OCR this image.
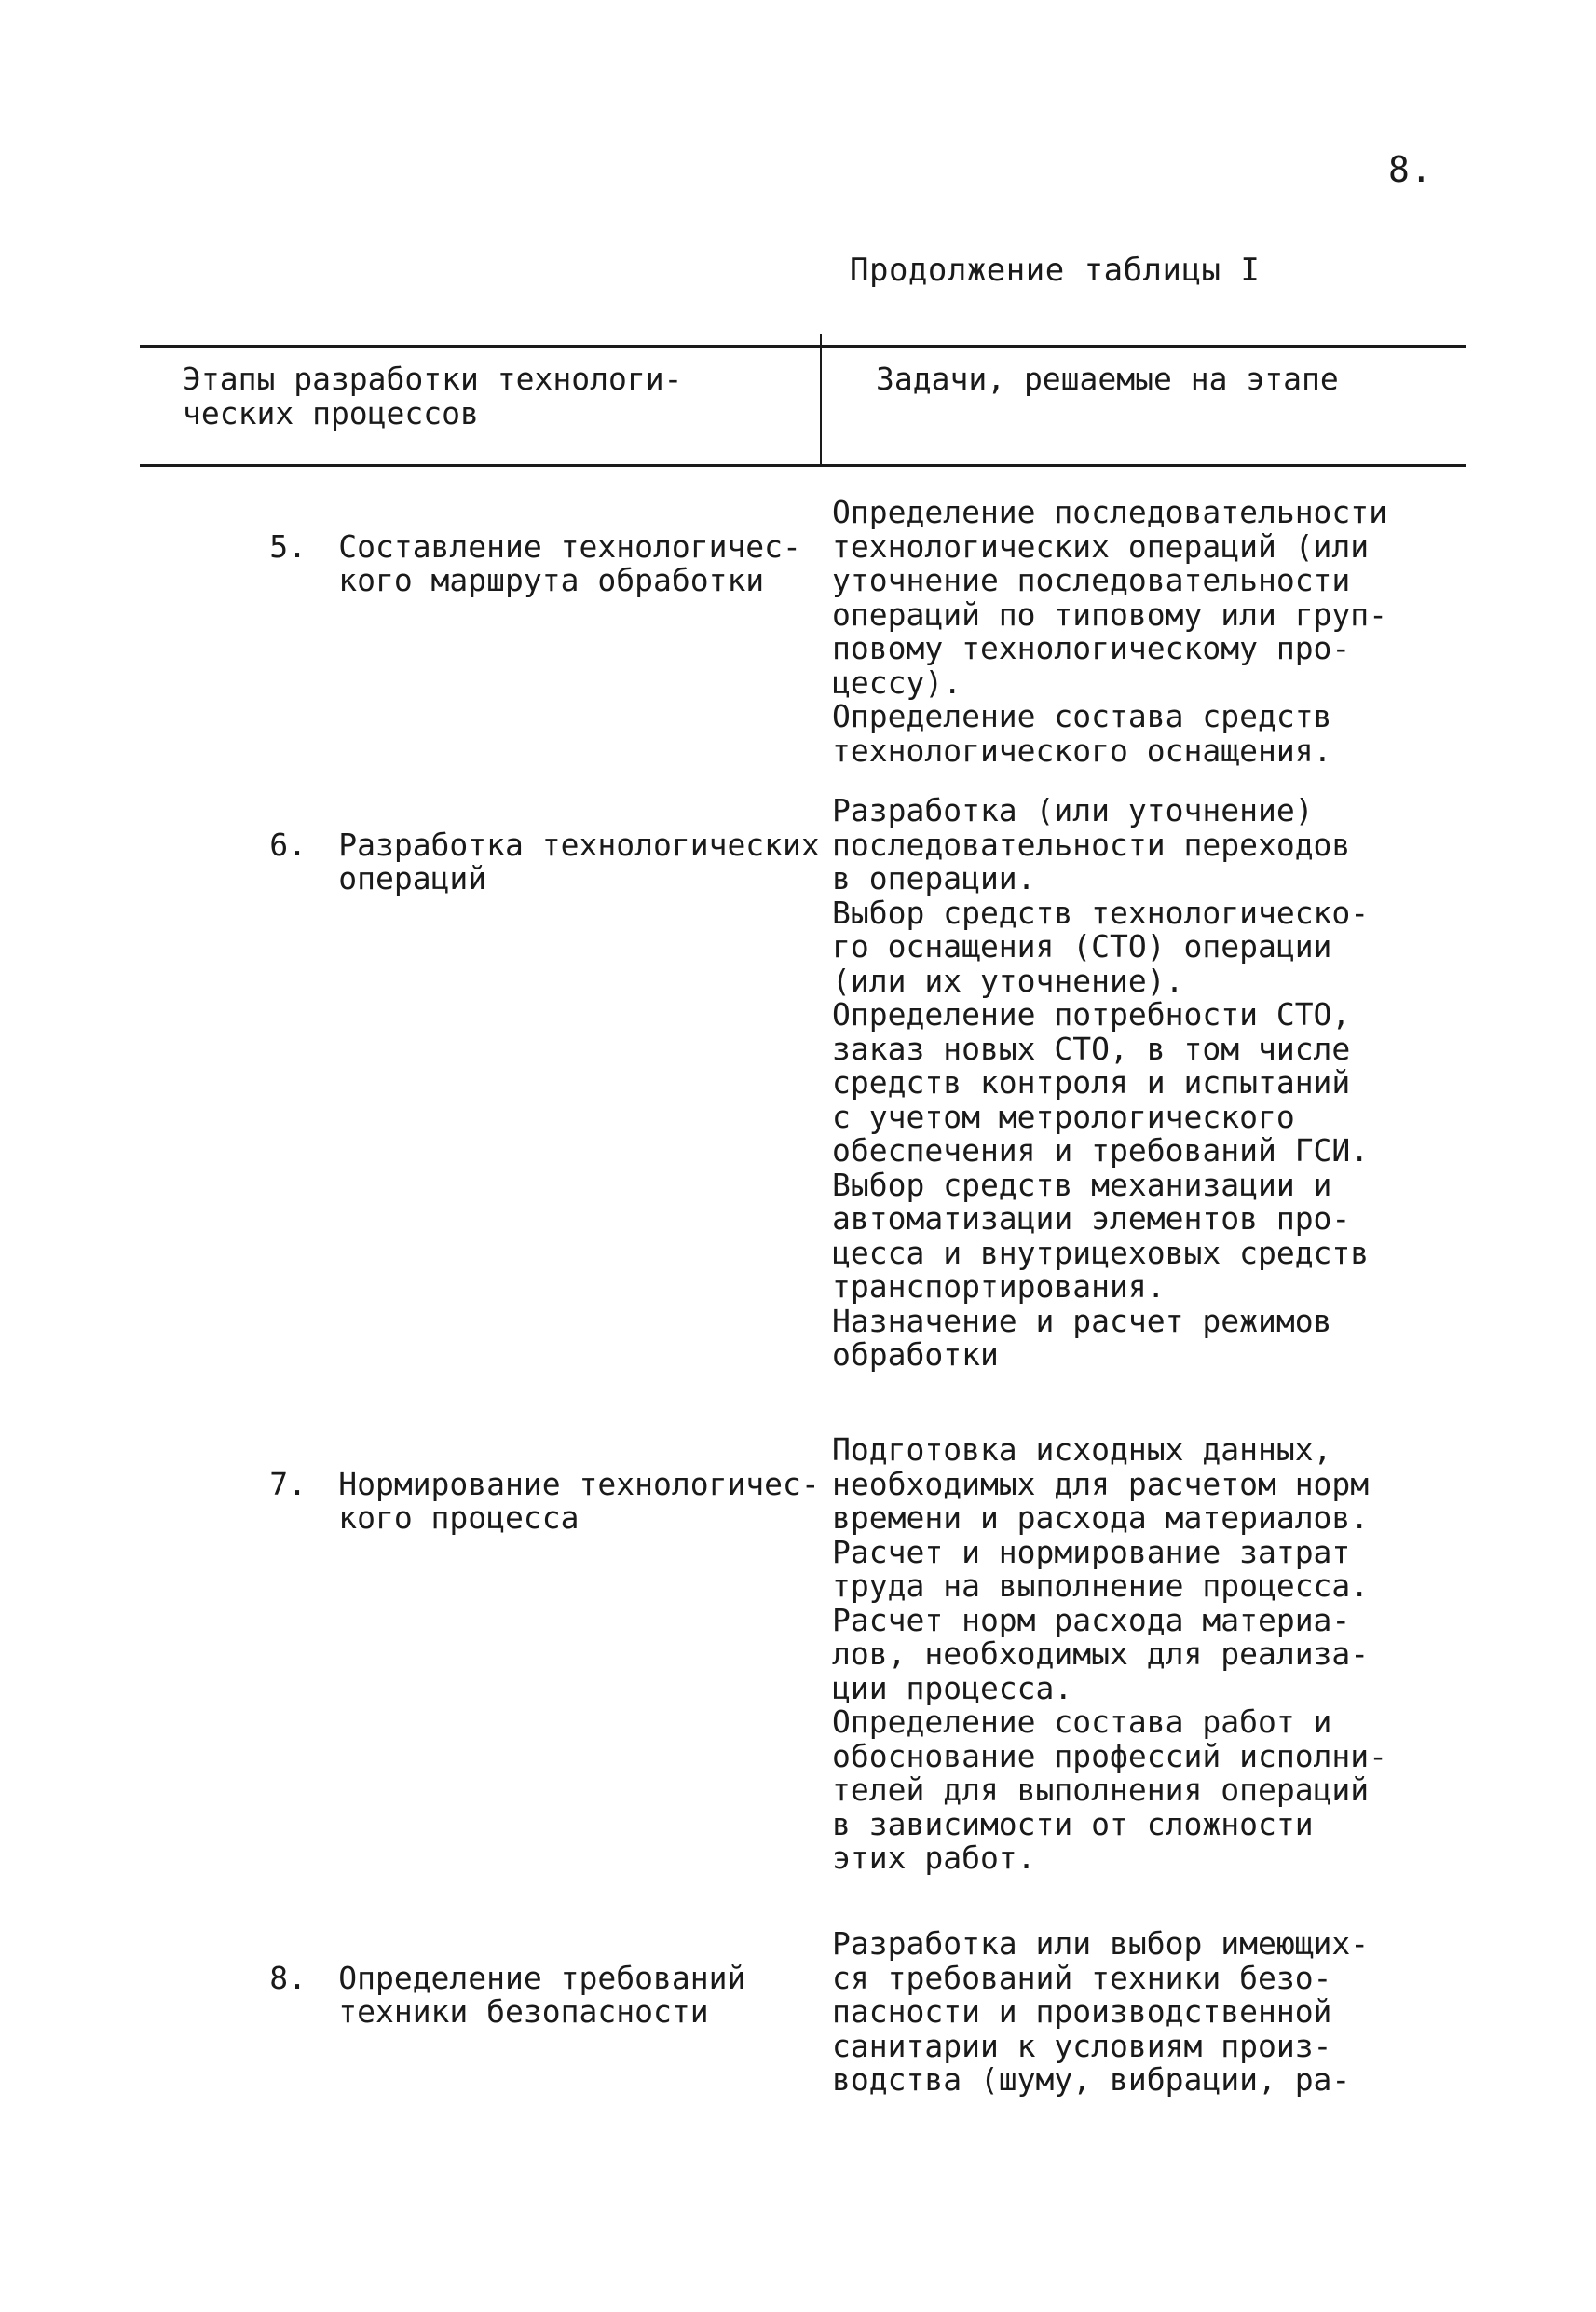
8.
Продолжение таблицы I
Этапы разработки технологи-
ческих процессов
Задачи, решаемые на этапе

5. Составление технологичес-
кого маршрута обработки

Определение последовательности
технологических операций (или
уточнение последовательности
операций по типовому или груп-
повому технологическому про-
цессу).
Определение состава средств
технологического оснащения.

6. Разработка технологических
операций

Разработка (или уточнение)
последовательности переходов
в операции.
Выбор средств технологическо-
го оснащения (СТО) операции
(или их уточнение).
Определение потребности СТО,
заказ новых СТО, в том числе
средств контроля и испытаний
с учетом метрологического
обеспечения и требований ГСИ.
Выбор средств механизации и
автоматизации элементов про-
цесса и внутрицеховых средств
транспортирования.
Назначение и расчет режимов
обработки

7. Нормирование технологичес-
кого процесса

Подготовка исходных данных,
необходимых для расчетом норм
времени и расхода материалов.
Расчет и нормирование затрат
труда на выполнение процесса.
Расчет норм расхода материа-
лов, необходимых для реализа-
ции процесса.
Определение состава работ и
обоснование профессий исполни-
телей для выполнения операций
в зависимости от сложности
этих работ.

8. Определение требований
техники безопасности

Разработка или выбор имеющих-
ся требований техники безо-
пасности и производственной
санитарии к условиям произ-
водства (шуму, вибрации, ра-
